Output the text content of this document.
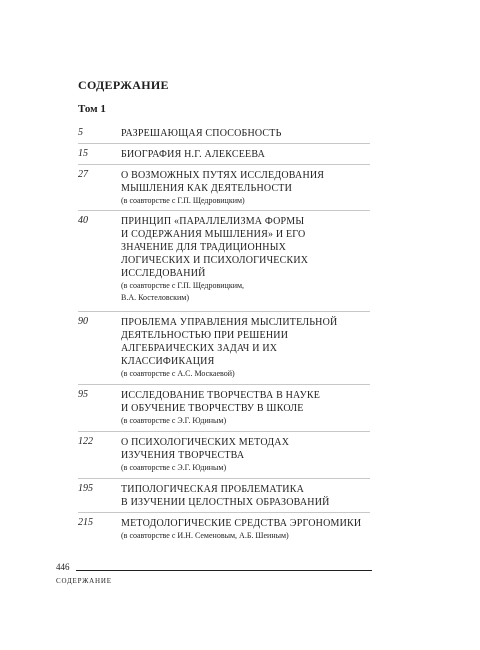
СОДЕРЖАНИЕ
Том 1
5	РАЗРЕШАЮЩАЯ СПОСОБНОСТЬ
15	БИОГРАФИЯ Н.Г. АЛЕКСЕЕВА
27	О ВОЗМОЖНЫХ ПУТЯХ ИССЛЕДОВАНИЯ
МЫШЛЕНИЯ КАК ДЕЯТЕЛЬНОСТИ
(в соавторстве с Г.П. Щедровицким)
40	ПРИНЦИП «ПАРАЛЛЕЛИЗМА ФОРМЫ
И СОДЕРЖАНИЯ МЫШЛЕНИЯ» И ЕГО
ЗНАЧЕНИЕ ДЛЯ ТРАДИЦИОННЫХ
ЛОГИЧЕСКИХ И ПСИХОЛОГИЧЕСКИХ
ИССЛЕДОВАНИЙ
(в соавторстве с Г.П. Щедровицким,
В.А. Костеловским)
90	ПРОБЛЕМА УПРАВЛЕНИЯ МЫСЛИТЕЛЬНОЙ
ДЕЯТЕЛЬНОСТЬЮ ПРИ РЕШЕНИИ
АЛГЕБРАИЧЕСКИХ ЗАДАЧ И ИХ
КЛАССИФИКАЦИЯ
(в соавторстве с А.С. Москаевой)
95	ИССЛЕДОВАНИЕ ТВОРЧЕСТВА В НАУКЕ
И ОБУЧЕНИЕ ТВОРЧЕСТВУ В ШКОЛЕ
(в соавторстве с Э.Г. Юдиным)
122	О ПСИХОЛОГИЧЕСКИХ МЕТОДАХ
ИЗУЧЕНИЯ ТВОРЧЕСТВА
(в соавторстве с Э.Г. Юдиным)
195	ТИПОЛОГИЧЕСКАЯ ПРОБЛЕМАТИКА
В ИЗУЧЕНИИ ЦЕЛОСТНЫХ ОБРАЗОВАНИЙ
215	МЕТОДОЛОГИЧЕСКИЕ СРЕДСТВА ЭРГОНОМИКИ
(в соавторстве с И.Н. Семеновым, А.Б. Шеиным)
446
СОДЕРЖАНИЕ
